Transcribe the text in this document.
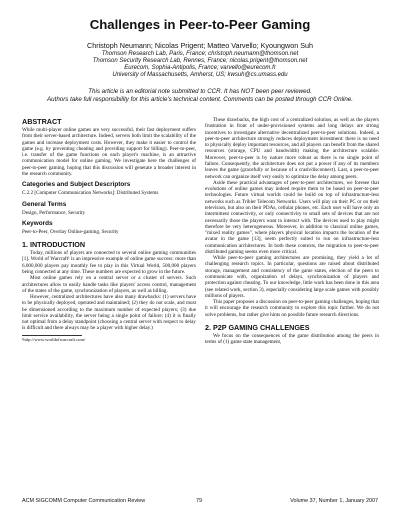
Challenges in Peer-to-Peer Gaming
Christoph Neumann; Nicolas Prigent; Matteo Varvello; Kyoungwon Suh
Thomson Research Lab, Paris, France; christoph.neumann@thomson.net
Thomson Security Research Lab, Rennes, France; nicolas.prigent@thomson.net
Eurecom, Sophia-Antipolis, France; varvello@eurecom.fr
University of Massachusetts, Amherst, US; kwsuh@cs.umass.edu
This article is an editorial note submitted to CCR. It has NOT been peer reviewed.
Authors take full responsibility for this article's technical content. Comments can be posted through CCR Online.
ABSTRACT

While multi-player online games are very successful, their fast deployment suffers from their server-based architecture. Indeed, servers both limit the scalability of the games and increase deployment costs. However, they make it easier to control the game (e.g. by preventing cheating and providing support for billing). Peer-to-peer, i.e. transfer of the game functions on each player's machine, is an attractive communication model for online gaming. We investigate here the challenges of peer-to-peer gaming, hoping that this discussion will generate a broader interest in the research community.

Categories and Subject Descriptors

C.2.2 [Computer Communication Networks]: Distributed Systems

General Terms

Design, Performance, Security

Keywords

Peer-to-Peer, Overlay Online-gaming, Security

1. INTRODUCTION

Today, millions of players are connected to several online gaming communities [1]. World of Warcraft¹ is an impressive example of online game success: more than 6,000,000 players pay monthly fee to play in this Virtual World, 500,000 players being connected at any time. These numbers are expected to grow in the future.

Most online games rely on a central server or a cluster of servers. Such architectures allow to easily handle tasks like players' access control, management of the states of the game, synchronization of players, as well as billing.

However, centralized architectures have also many drawbacks: (1) servers have to be physically deployed, operated and maintained; (2) they do not scale, and must be dimensioned according to the maximum number of expected players; (3) due limit service availability, the server being a single point of failure; (4) it is finally not optimal from a delay standpoint (choosing a central server with respect to delay is difficult and there always may be a player with higher delay.)

¹http://www.worldofwarcraft.com/

These drawbacks, the high cost of a centralized solution, as well as the players frustration in front of under-provisioned systems and long delays are strong incentives to investigate alternative decentralized peer-to-peer solutions. Indeed, a peer-to-peer architecture strongly reduces deployment investment: there is no need to physically deploy important resources, and all players can benefit from the shared resources (storage, CPU and bandwidth) making the architecture scalable. Moreover, peer-to-peer is by nature more robust as there is no single point of failure. Consequently, the architecture does not put a power if any of its members leaves the game (gracefully or because of a crash/disconnect). Last, a peer-to-peer network can organize itself very easily to optimize the delay among peers.

Aside these practical advantages of peer-to-peer architectures, we foresee that evolutions of online games may indeed require them to be based on peer-to-peer technologies. Future virtual worlds could be build on top of infrastructure-less networks such as Tribler Telecom Networks. Users will play on their PC or on their television, but also on their PDAs, cellular phones, etc. Each user will have only an intermittent connectivity, or only connectivity to small sets of devices that are not necessarily those the players want to interact with. The devices used to play might therefore be very heterogeneous. Moreover, in addition to classical online games, "mixed reality games", where players physical location impacts the location of the avatar in the game [13], seem perfectly suited to run on infrastructure-less communication architectures. In both these contexts, the migration to peer-to-peer distributed gaming seems even more critical.

While peer-to-peer gaming architectures are promising, they yield a lot of challenging research topics. In particular, questions are raised about distributed storage, management and consistency of the game states, election of the peers to communicate with, organization of delays, synchronization of players and protection against cheating. To our knowledge, little work has been done in this area (see related work, section 3), especially considering large scale games with possibly millions of players.

This paper proposes a discussion on peer-to-peer gaming challenges, hoping that it will encourage the research community to explore this topic further. We do not solve problems, but rather give hints on possible future research directions.

2. P2P GAMING CHALLENGES

We focus on the consequences of the game distribution among the peers in terms of (1) game state management,

ACM SIGCOMM Computer Communication Review	79	Volume 37, Number 1, January 2007
